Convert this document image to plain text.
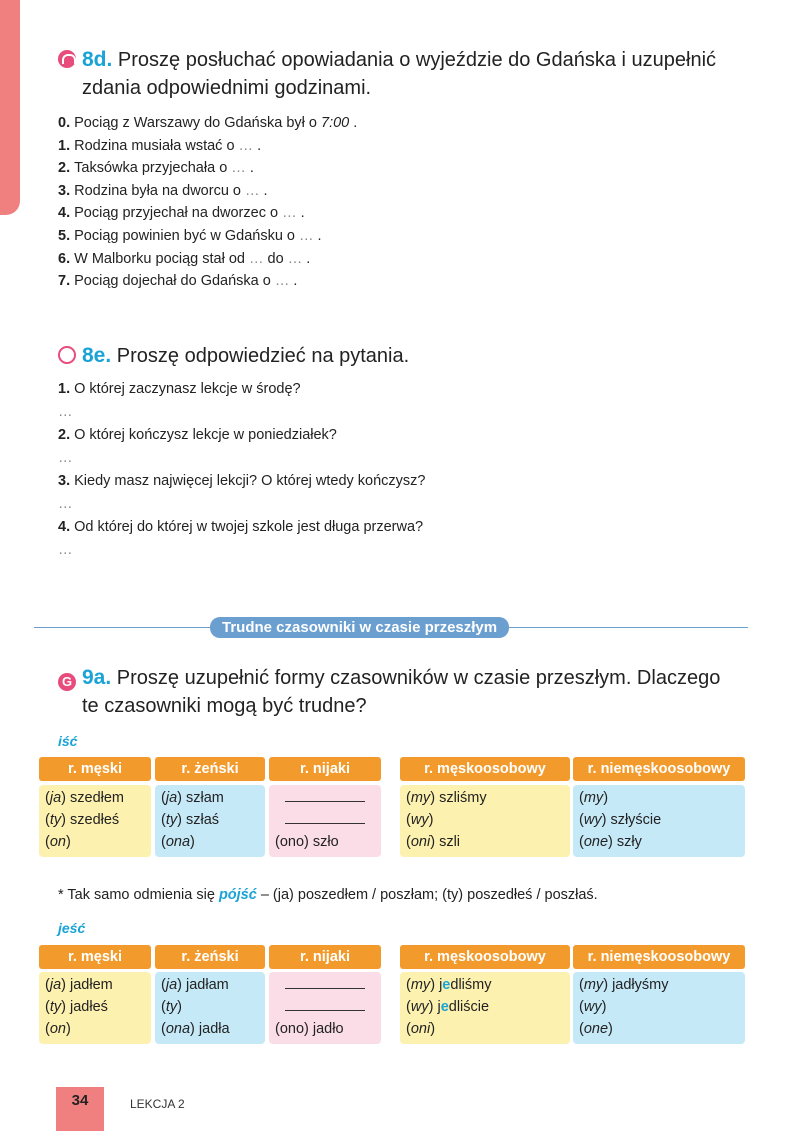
8d. Proszę posłuchać opowiadania o wyjeździe do Gdańska i uzupełnić
zdania odpowiednimi godzinami.
0. Pociąg z Warszawy do Gdańska był o 7:00 .
1. Rodzina musiała wstać o … .
2. Taksówka przyjechała o … .
3. Rodzina była na dworcu o … .
4. Pociąg przyjechał na dworzec o … .
5. Pociąg powinien być w Gdańsku o … .
6. W Malborku pociąg stał od … do … .
7. Pociąg dojechał do Gdańska o … .
8e. Proszę odpowiedzieć na pytania.
1. O której zaczynasz lekcje w środę?
…
2. O której kończysz lekcje w poniedziałek?
…
3. Kiedy masz najwięcej lekcji? O której wtedy kończysz?
…
4. Od której do której w twojej szkole jest długa przerwa?
…
Trudne czasowniki w czasie przeszłym
G 9a. Proszę uzupełnić formy czasowników w czasie przeszłym. Dlaczego
te czasowniki mogą być trudne?
iść
r. męski
(ja) szedłem
(ty) szedłeś
(on)
r. żeński
(ja) szłam
(ty) szłaś
(ona)
r. nijaki
(ono) szło
r. męskoosobowy
(my) szliśmy
(wy)
(oni) szli
r. niemęskoosobowy
(my)
(wy) szłyście
(one) szły
jeść
r. męski
(ja) jadłem
(ty) jadłeś
(on)
r. żeński
(ja) jadłam
(ty)
(ona) jadła
r. nijaki
(ono) jadło
r. męskoosobowy
(my) jedliśmy
(wy) jedliście
(oni)
r. niemęskoosobowy
(my) jadłyśmy
(wy)
(one)
* Tak samo odmienia się pójść – (ja) poszedłem / poszłam; (ty) poszedłeś / poszłaś.
34	LEKCJA 2
